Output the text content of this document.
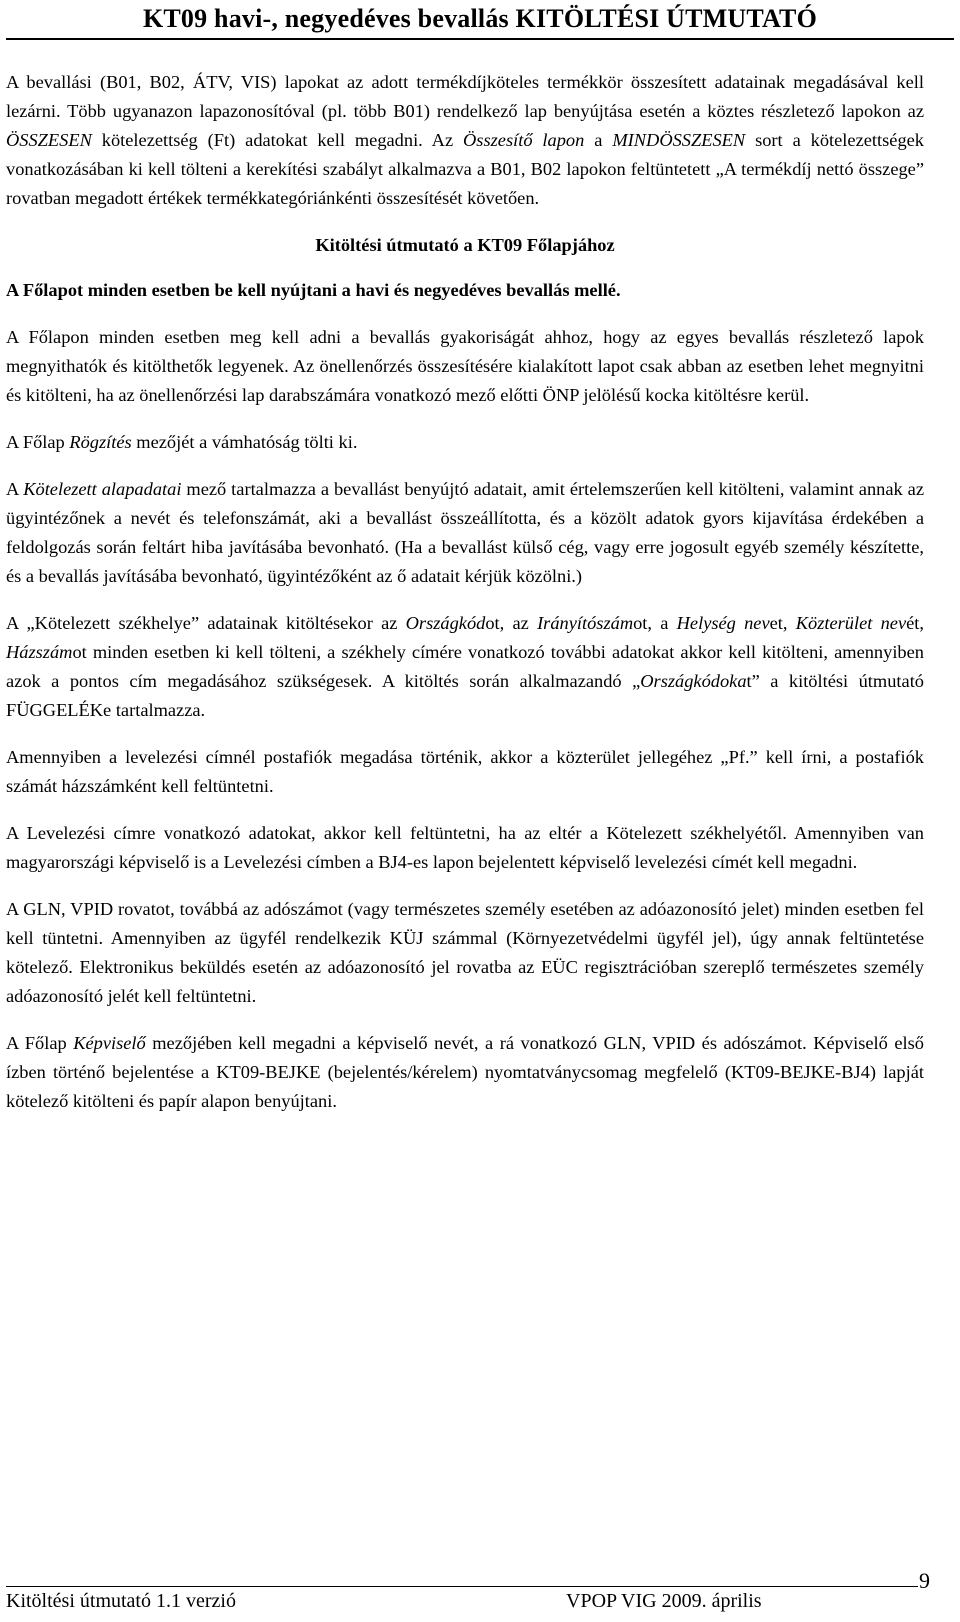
KT09 havi-, negyedéves bevallás KITÖLTÉSI ÚTMUTATÓ

A bevallási (B01, B02, ÁTV, VIS) lapokat az adott termékdíjköteles termékkör összesített adatainak megadásával kell lezárni. Több ugyanazon lapazonosítóval (pl. több B01) rendelkező lap benyújtása esetén a köztes részletező lapokon az ÖSSZESEN kötelezettség (Ft) adatokat kell megadni. Az Összesítő lapon a MINDÖSSZESEN sort a kötelezettségek vonatkozásában ki kell tölteni a kerekítési szabályt alkalmazva a B01, B02 lapokon feltüntetett „A termékdíj nettó összege” rovatban megadott értékek termékkategóriánkénti összesítését követően.

Kitöltési útmutató a KT09 Főlapjához

A Főlapot minden esetben be kell nyújtani a havi és negyedéves bevallás mellé.

A Főlapon minden esetben meg kell adni a bevallás gyakoriságát ahhoz, hogy az egyes bevallás részletező lapok megnyithatók és kitölthetők legyenek. Az önellenőrzés összesítésére kialakított lapot csak abban az esetben lehet megnyitni és kitölteni, ha az önellenőrzési lap darabszámára vonatkozó mező előtti ÖNP jelölésű kocka kitöltésre kerül.

A Főlap Rögzítés mezőjét a vámhatóság tölti ki.

A Kötelezett alapadatai mező tartalmazza a bevallást benyújtó adatait, amit értelemszerűen kell kitölteni, valamint annak az ügyintézőnek a nevét és telefonszámát, aki a bevallást összeállította, és a közölt adatok gyors kijavítása érdekében a feldolgozás során feltárt hiba javításába bevonható. (Ha a bevallást külső cég, vagy erre jogosult egyéb személy készítette, és a bevallás javításába bevonható, ügyintézőként az ő adatait kérjük közölni.)

A „Kötelezett székhelye” adatainak kitöltésekor az Országkódot, az Irányítószámot, a Helység nevet, Közterület nevét, Házszámot minden esetben ki kell tölteni, a székhely címére vonatkozó további adatokat akkor kell kitölteni, amennyiben azok a pontos cím megadásához szükségesek. A kitöltés során alkalmazandó „Országkódokat” a kitöltési útmutató FÜGGELÉKe tartalmazza.

Amennyiben a levelezési címnél postafiók megadása történik, akkor a közterület jellegéhez „Pf.” kell írni, a postafiók számát házszámként kell feltüntetni.

A Levelezési címre vonatkozó adatokat, akkor kell feltüntetni, ha az eltér a Kötelezett székhelyétől. Amennyiben van magyarországi képviselő is a Levelezési címben a BJ4-es lapon bejelentett képviselő levelezési címét kell megadni.

A GLN, VPID rovatot, továbbá az adószámot (vagy természetes személy esetében az adóazonosító jelet) minden esetben fel kell tüntetni. Amennyiben az ügyfél rendelkezik KÜJ számmal (Környezetvédelmi ügyfél jel), úgy annak feltüntetése kötelező. Elektronikus beküldés esetén az adóazonosító jel rovatba az EÜC regisztrációban szereplő természetes személy adóazonosító jelét kell feltüntetni.

A Főlap Képviselő mezőjében kell megadni a képviselő nevét, a rá vonatkozó GLN, VPID és adószámot. Képviselő első ízben történő bejelentése a KT09-BEJKE (bejelentés/kérelem) nyomtatványcsomag megfelelő (KT09-BEJKE-BJ4) lapját kötelező kitölteni és papír alapon benyújtani.

Kitöltési útmutató 1.1 verzió	VPOP VIG 2009. április
9
